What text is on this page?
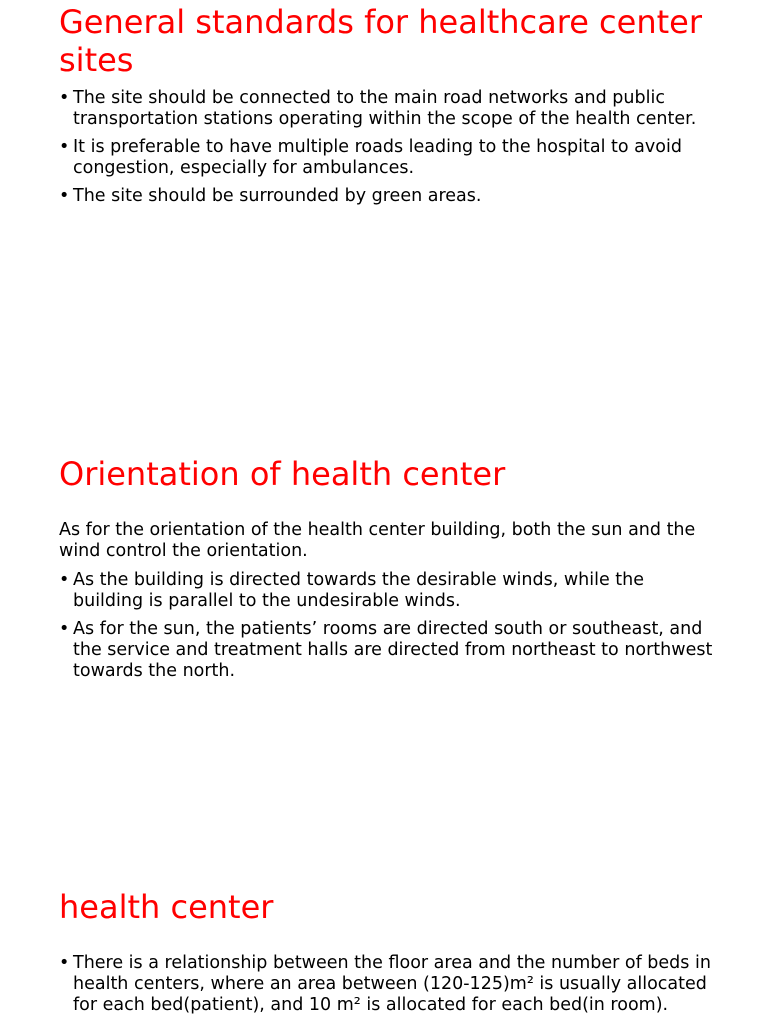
General standards for healthcare center sites
• The site should be connected to the main road networks and public transportation stations operating within the scope of the health center.
• It is preferable to have multiple roads leading to the hospital to avoid congestion, especially for ambulances.
• The site should be surrounded by green areas.
Orientation of health center

As for the orientation of the health center building, both the sun and the wind control the orientation.

• As the building is directed towards the desirable winds, while the building is parallel to the undesirable winds.
• As for the sun, the patients’ rooms are directed south or southeast, and the service and treatment halls are directed from northeast to northwest towards the north.
health center
• There is a relationship between the floor area and the number of beds in health centers, where an area between (120-125)m² is usually allocated for each bed(patient), and 10 m² is allocated for each bed(in room).
